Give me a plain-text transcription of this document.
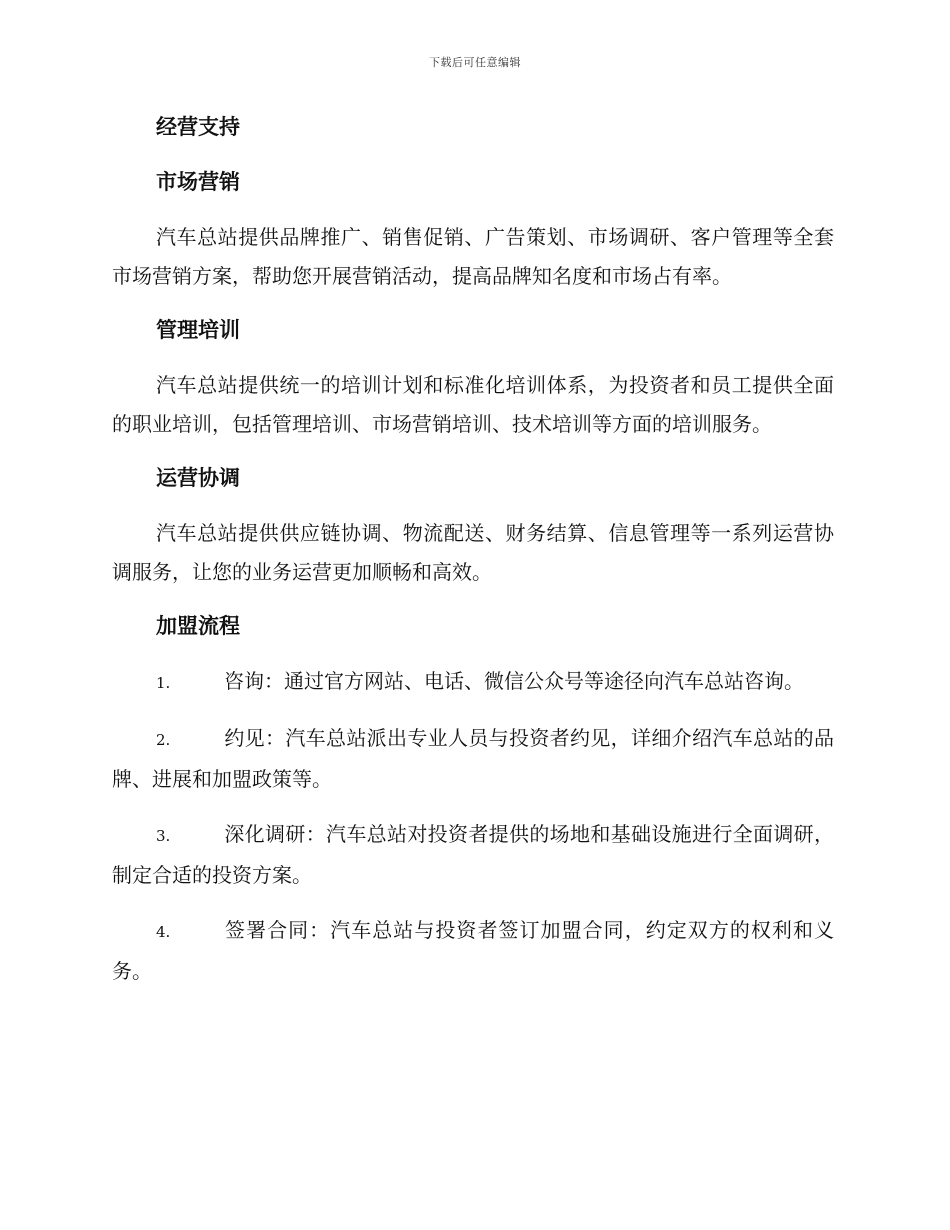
下载后可任意编辑
经营支持
市场营销

汽车总站提供品牌推广、销售促销、广告策划、市场调研、客户管理等全套市场营销方案，帮助您开展营销活动，提高品牌知名度和市场占有率。

管理培训

汽车总站提供统一的培训计划和标准化培训体系，为投资者和员工提供全面的职业培训，包括管理培训、市场营销培训、技术培训等方面的培训服务。

运营协调

汽车总站提供供应链协调、物流配送、财务结算、信息管理等一系列运营协调服务，让您的业务运营更加顺畅和高效。

加盟流程

1.	咨询：通过官方网站、电话、微信公众号等途径向汽车总站咨询。

2.	约见：汽车总站派出专业人员与投资者约见，详细介绍汽车总站的品牌、进展和加盟政策等。

3.	深化调研：汽车总站对投资者提供的场地和基础设施进行全面调研，制定合适的投资方案。

4.	签署合同：汽车总站与投资者签订加盟合同，约定双方的权利和义务。
